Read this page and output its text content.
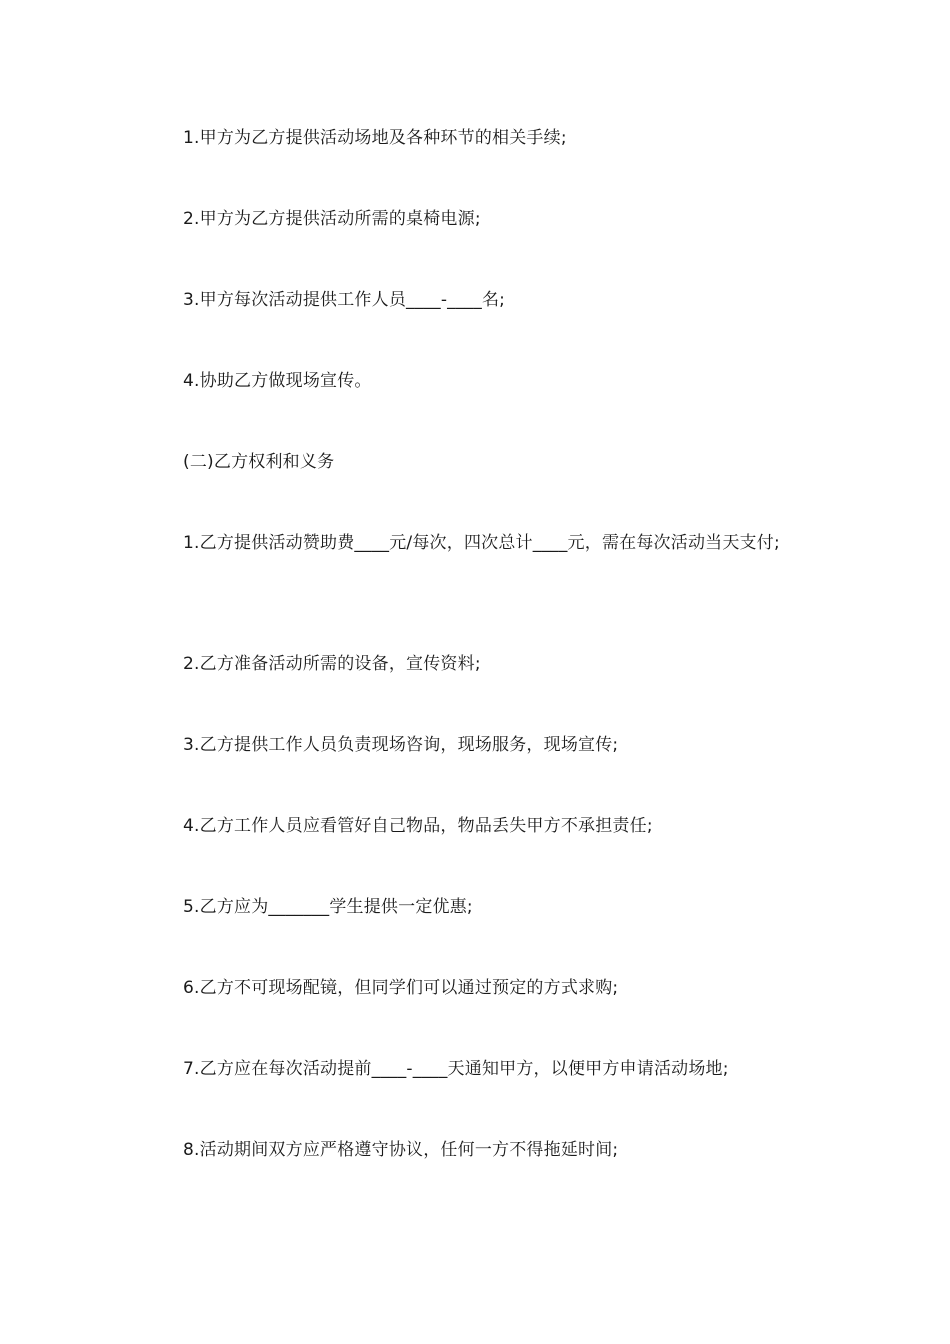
1.甲方为乙方提供活动场地及各种环节的相关手续;

2.甲方为乙方提供活动所需的桌椅电源;

3.甲方每次活动提供工作人员____-____名;

4.协助乙方做现场宣传。

(二)乙方权利和义务

1.乙方提供活动赞助费____元/每次，四次总计____元，需在每次活动当天支付;

2.乙方准备活动所需的设备，宣传资料;

3.乙方提供工作人员负责现场咨询，现场服务，现场宣传;

4.乙方工作人员应看管好自己物品，物品丢失甲方不承担责任;

5.乙方应为_______学生提供一定优惠;

6.乙方不可现场配镜，但同学们可以通过预定的方式求购;

7.乙方应在每次活动提前____-____天通知甲方，以便甲方申请活动场地;

8.活动期间双方应严格遵守协议，任何一方不得拖延时间;
